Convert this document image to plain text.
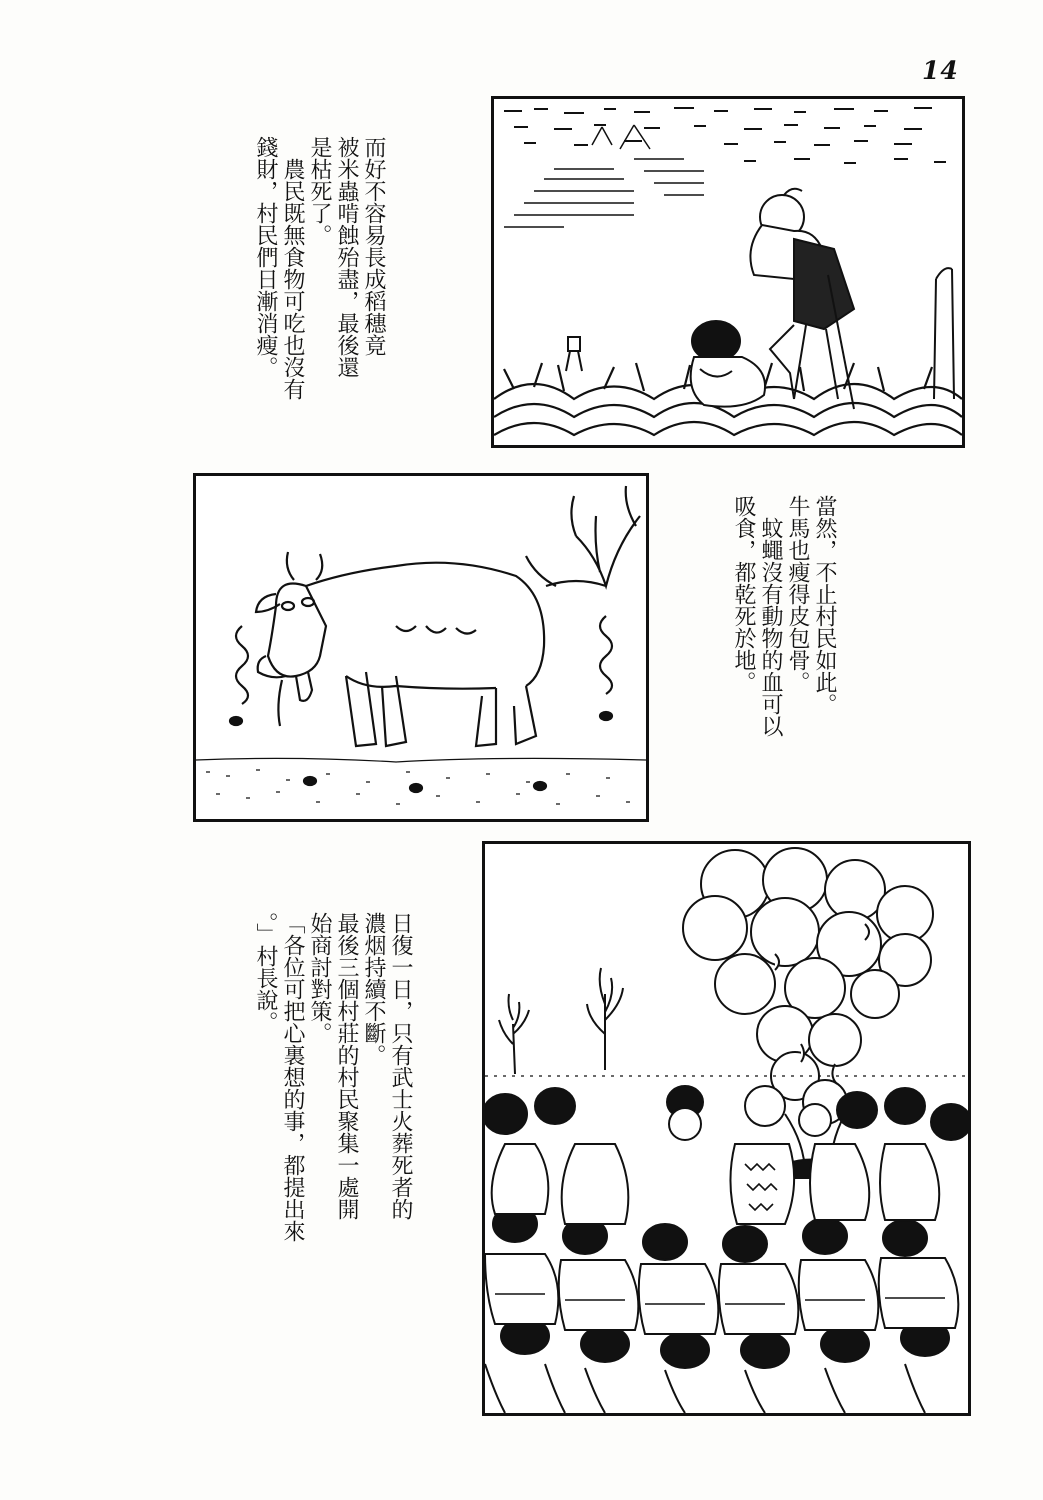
14

而好不容易長成稻穗竟

被米蟲啃蝕殆盡，最後還

是枯死了。

農民既無食物可吃也沒有

錢財，村民們日漸消瘦。

當然，不止村民如此。

牛馬也瘦得皮包骨。

蚊蠅沒有動物的血可以

吸食，都乾死於地。

日復一日，只有武士火葬死者的

濃烟持續不斷。

最後三個村莊的村民聚集一處開

始商討對策。

「各位可把心裏想的事，都提出來

。」村長說。
